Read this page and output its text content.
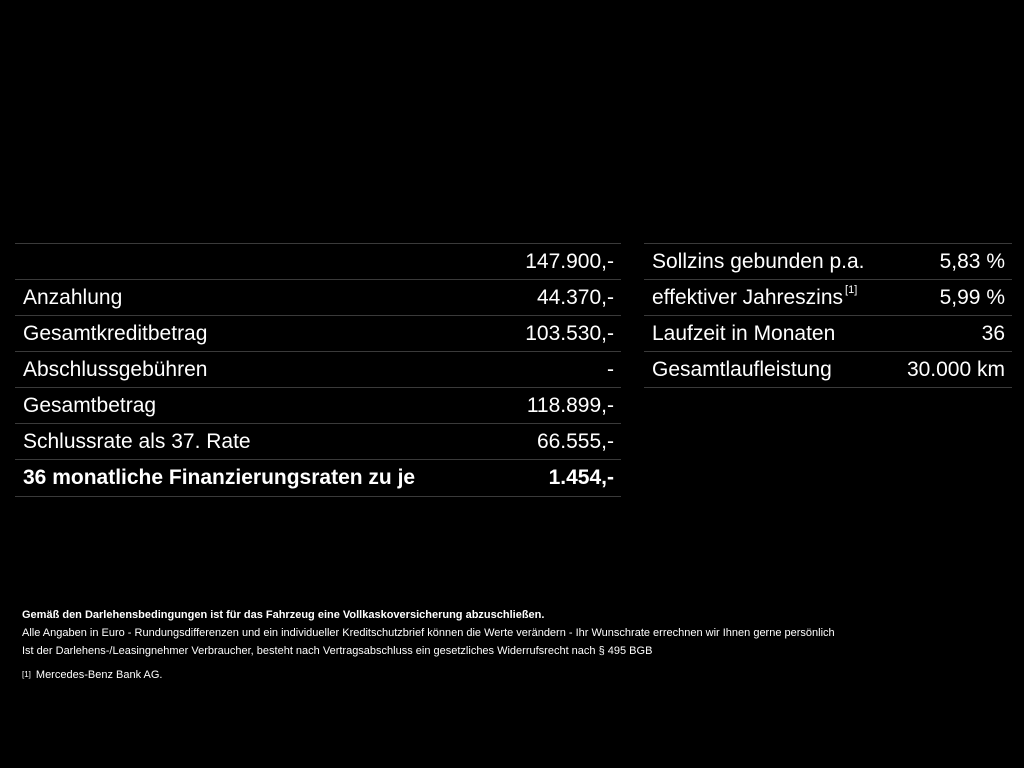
147.900,-
Anzahlung	44.370,-
Gesamtkreditbetrag	103.530,-
Abschlussgebühren	-
Gesamtbetrag	118.899,-
Schlussrate als 37. Rate	66.555,-
36 monatliche Finanzierungsraten zu je	1.454,-
Sollzins gebunden p.a.	5,83 %
effektiver Jahreszins [1]	5,99 %
Laufzeit in Monaten	36
Gesamtlaufleistung	30.000 km
Gemäß den Darlehensbedingungen ist für das Fahrzeug eine Vollkaskoversicherung abzuschließen.
Alle Angaben in Euro - Rundungsdifferenzen und ein individueller Kreditschutzbrief können die Werte verändern - Ihr Wunschrate errechnen wir Ihnen gerne persönlich
Ist der Darlehens-/Leasingnehmer Verbraucher, besteht nach Vertragsabschluss ein gesetzliches Widerrufsrecht nach § 495 BGB
[1] Mercedes-Benz Bank AG.
